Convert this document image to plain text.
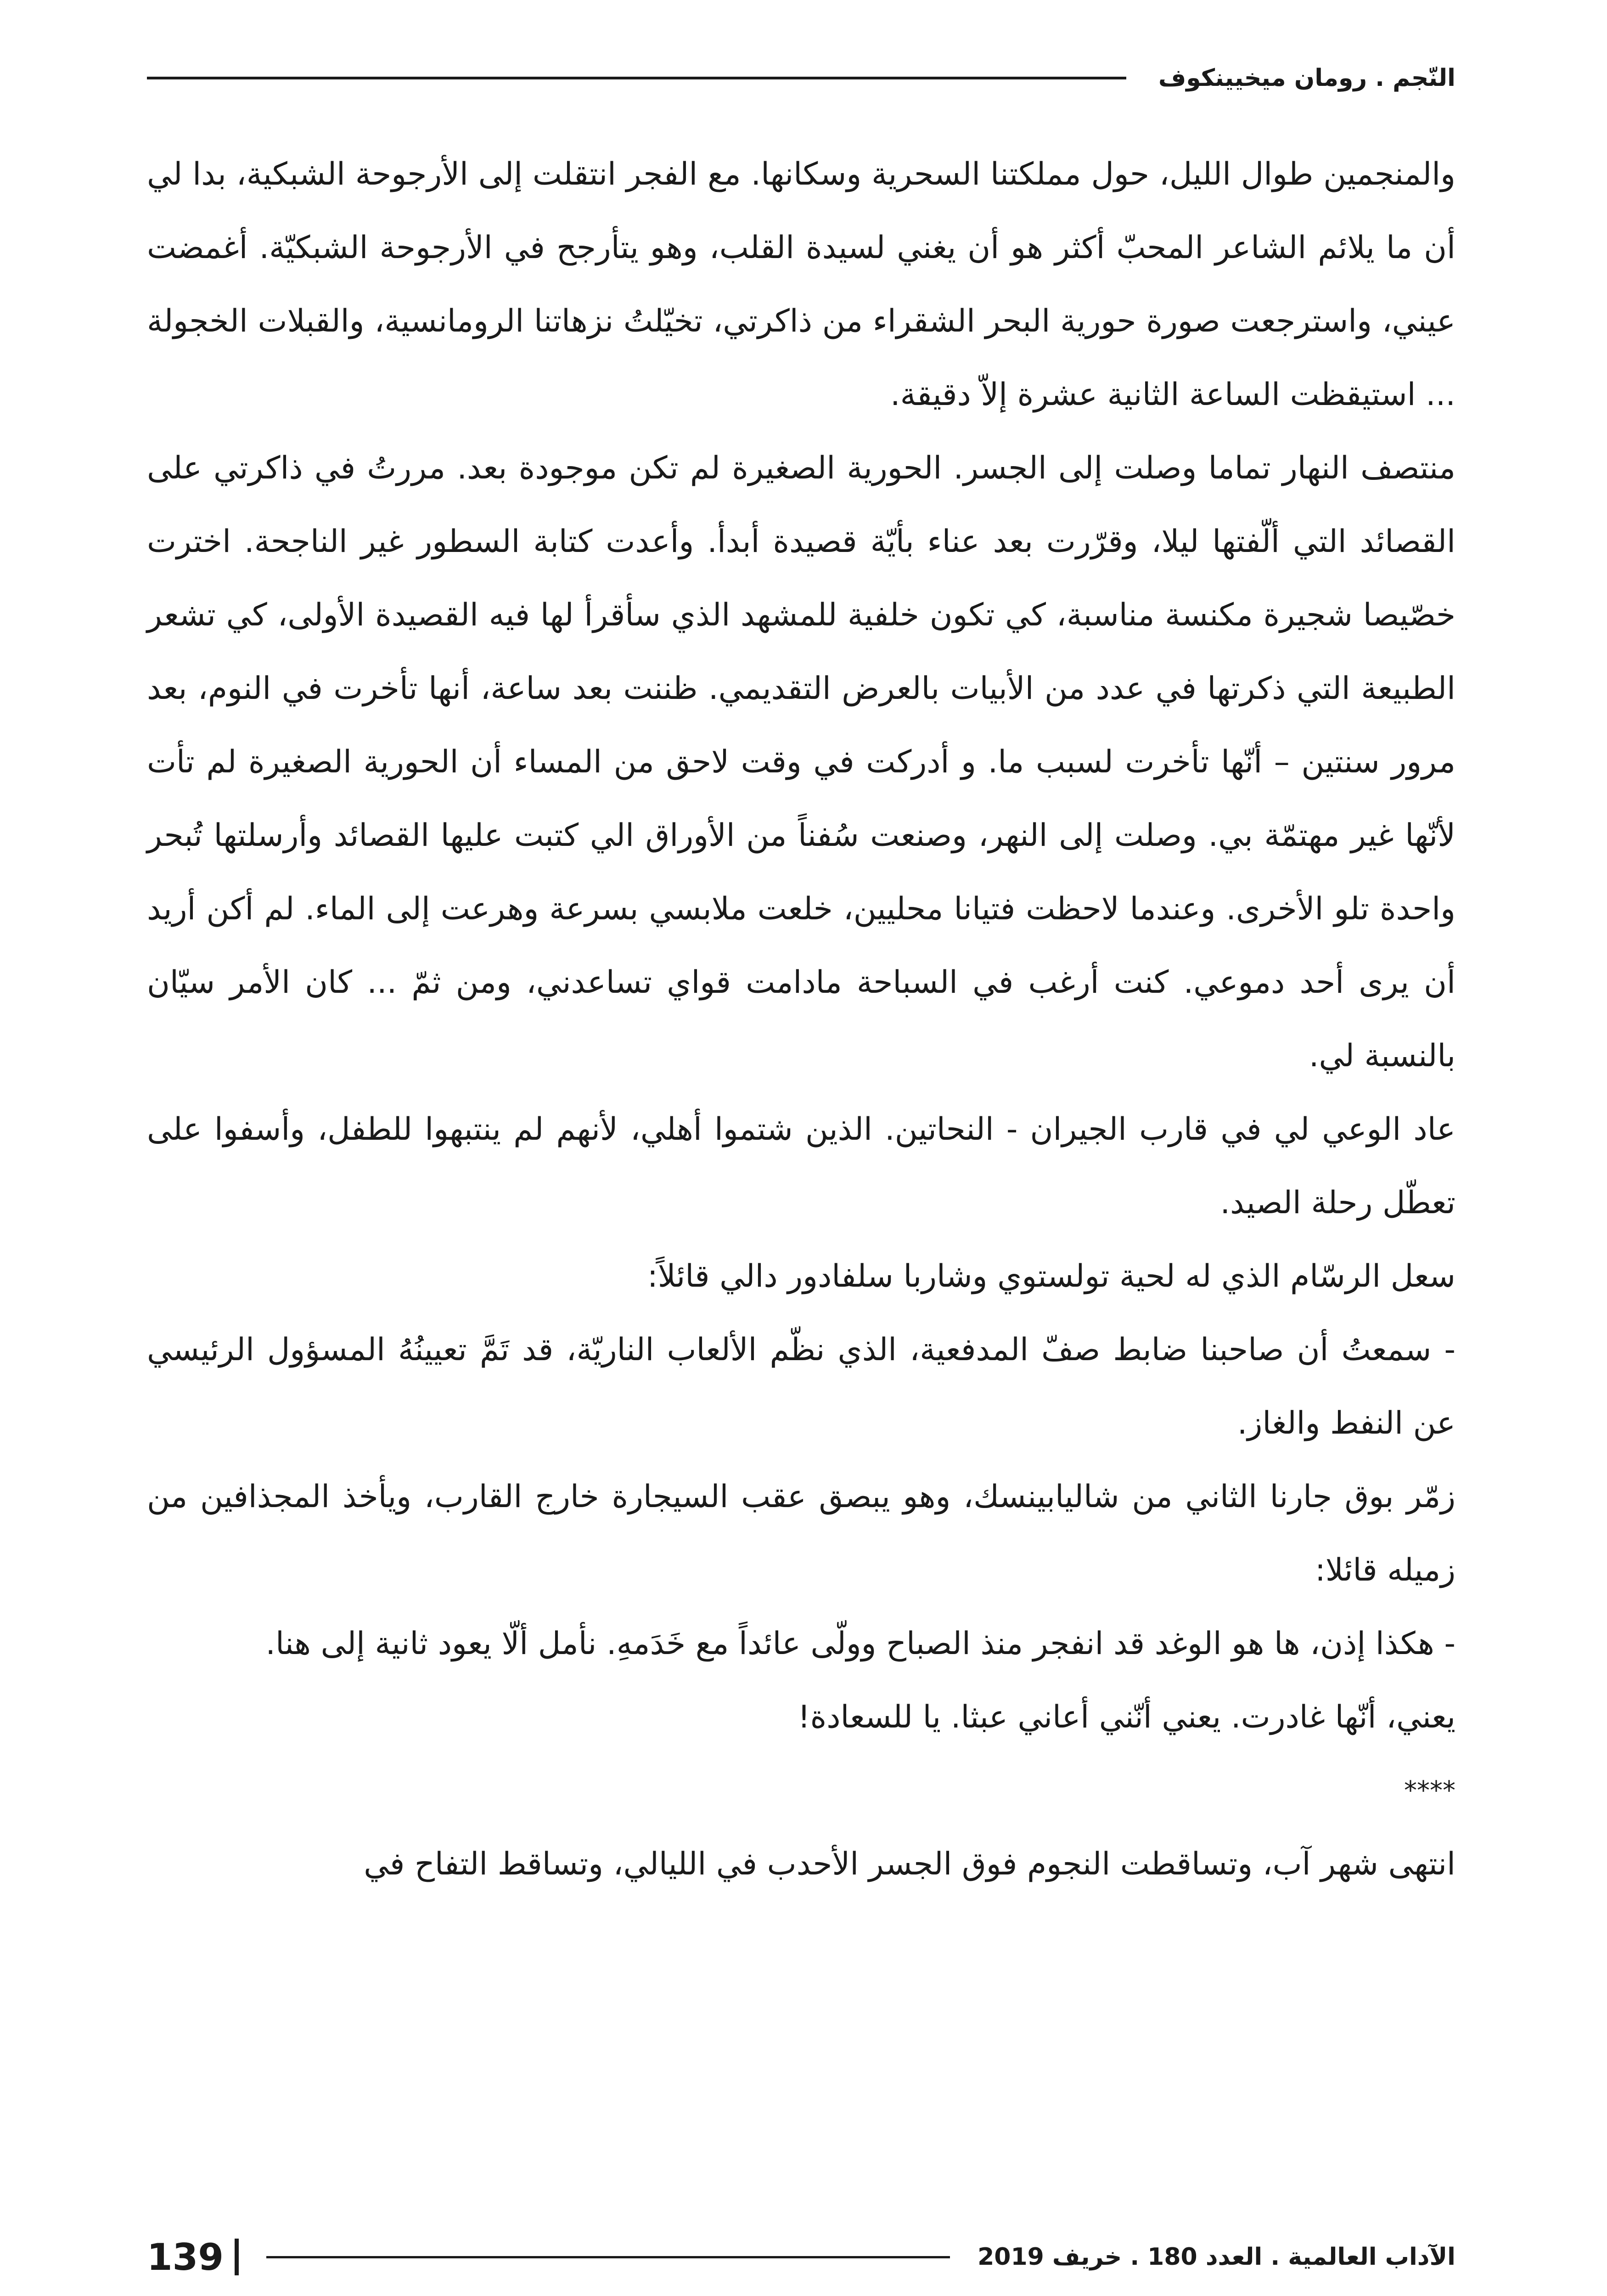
النّجم . رومان ميخيينكوف

والمنجمين طوال الليل، حول مملكتنا السحرية وسكانها. مع الفجر انتقلت إلى الأرجوحة الشبكية، بدا لي أن ما يلائم الشاعر المحبّ أكثر هو أن يغني لسيدة القلب، وهو يتأرجح في الأرجوحة الشبكيّة. أغمضت عيني، واسترجعت صورة حورية البحر الشقراء من ذاكرتي، تخيّلتُ نزهاتنا الرومانسية، والقبلات الخجولة ... استيقظت الساعة الثانية عشرة إلاّ دقيقة.

منتصف النهار تماما وصلت إلى الجسر. الحورية الصغيرة لم تكن موجودة بعد. مررتُ في ذاكرتي على القصائد التي ألّفتها ليلا، وقرّرت بعد عناء بأيّة قصيدة أبدأ. وأعدت كتابة السطور غير الناجحة. اخترت خصّيصا شجيرة مكنسة مناسبة، كي تكون خلفية للمشهد الذي سأقرأ لها فيه القصيدة الأولى، كي تشعر الطبيعة التي ذكرتها في عدد من الأبيات بالعرض التقديمي. ظننت بعد ساعة، أنها تأخرت في النوم، بعد مرور سنتين – أنّها تأخرت لسبب ما. و أدركت في وقت لاحق من المساء أن الحورية الصغيرة لم تأت لأنّها غير مهتمّة بي. وصلت إلى النهر، وصنعت سُفناً من الأوراق الي كتبت عليها القصائد وأرسلتها تُبحر واحدة تلو الأخرى. وعندما لاحظت فتيانا محليين، خلعت ملابسي بسرعة وهرعت إلى الماء. لم أكن أريد أن يرى أحد دموعي. كنت أرغب في السباحة مادامت قواي تساعدني، ومن ثمّ ... كان الأمر سيّان بالنسبة لي.

عاد الوعي لي في قارب الجيران - النحاتين. الذين شتموا أهلي، لأنهم لم ينتبهوا للطفل، وأسفوا على تعطّل رحلة الصيد.

سعل الرسّام الذي له لحية تولستوي وشاربا سلفادور دالي قائلاً:

- سمعتُ أن صاحبنا ضابط صفّ المدفعية، الذي نظّم الألعاب الناريّة، قد تَمَّ تعيينُهُ المسؤول الرئيسي عن النفط والغاز.

زمّر بوق جارنا الثاني من شاليابينسك، وهو يبصق عقب السيجارة خارج القارب، ويأخذ المجذافين من زميله قائلا:

- هكذا إذن، ها هو الوغد قد انفجر منذ الصباح وولّى عائداً مع خَدَمهِ. نأمل ألّا يعود ثانية إلى هنا.

يعني، أنّها غادرت. يعني أنّني أعاني عبثا. يا للسعادة!

****

انتهى شهر آب، وتساقطت النجوم فوق الجسر الأحدب في الليالي، وتساقط التفاح في

الآداب العالمية . العدد 180 . خريف 2019
139
